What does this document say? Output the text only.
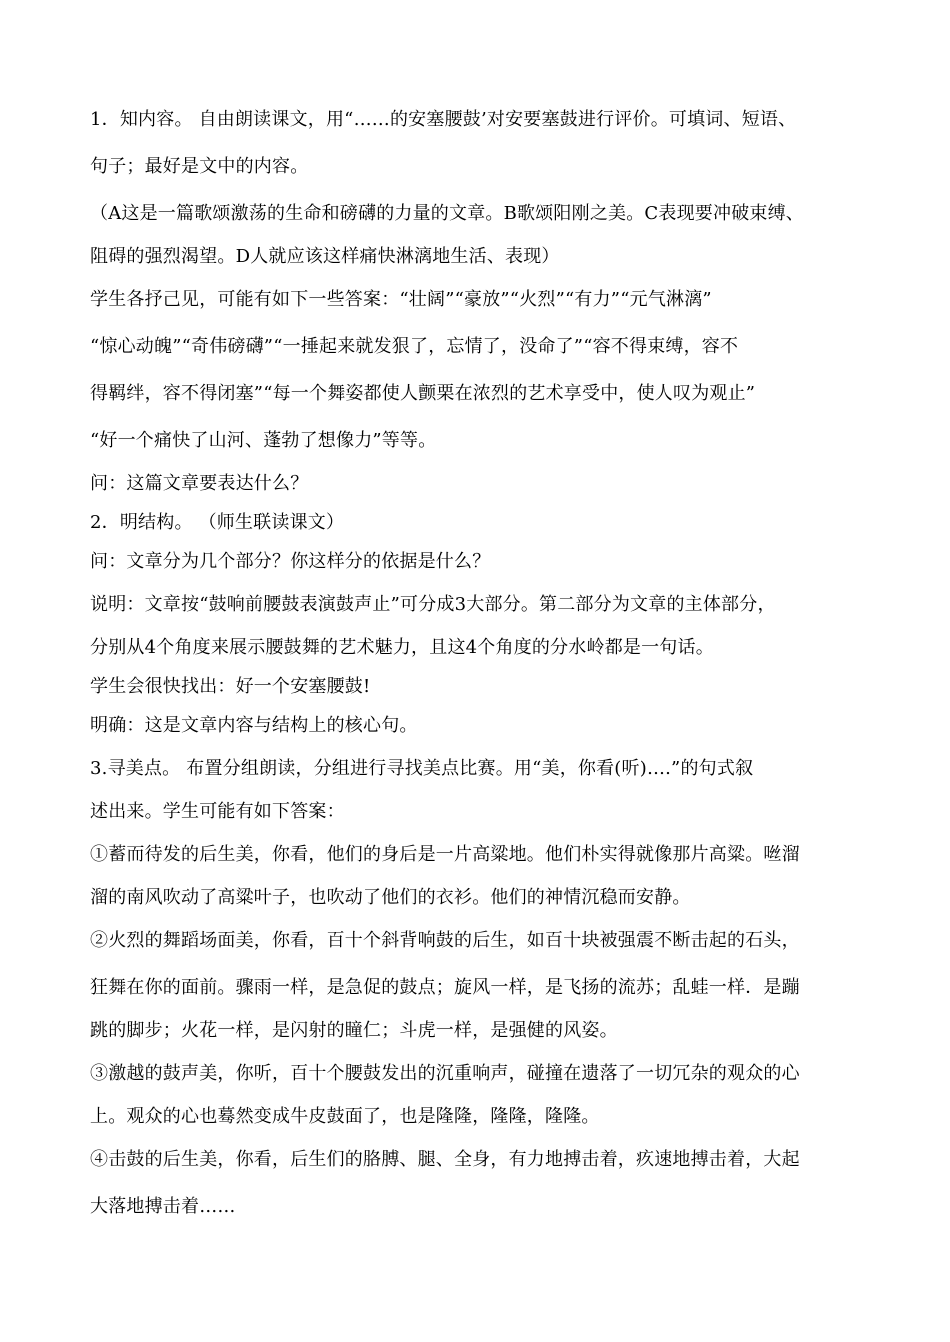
1．知内容。 自由朗读课文，用“……的安塞腰鼓’对安要塞鼓进行评价。可填词、短语、

句子；最好是文中的内容。

（A这是一篇歌颂激荡的生命和磅礴的力量的文章。B歌颂阳刚之美。C表现要冲破束缚、

阻碍的强烈渴望。D人就应该这样痛快淋漓地生活、表现）

学生各抒己见，可能有如下一些答案：“壮阔”“豪放”“火烈”“有力”“元气淋漓”

“惊心动魄”“奇伟磅礴”“一捶起来就发狠了，忘情了，没命了”“容不得束缚，容不

得羁绊，容不得闭塞”“每一个舞姿都使人颤栗在浓烈的艺术享受中，使人叹为观止”

“好一个痛快了山河、蓬勃了想像力”等等。

问：这篇文章要表达什么？

2．明结构。 （师生联读课文）

问：文章分为几个部分？你这样分的依据是什么？

说明：文章按“鼓响前腰鼓表演鼓声止”可分成3大部分。第二部分为文章的主体部分，

分别从4个角度来展示腰鼓舞的艺术魅力，且这4个角度的分水岭都是一句话。

学生会很快找出：好一个安塞腰鼓!

明确：这是文章内容与结构上的核心句。

3.寻美点。 布置分组朗读，分组进行寻找美点比赛。用“美，你看(听)….”的句式叙

述出来。学生可能有如下答案：

①蓄而待发的后生美，你看，他们的身后是一片高粱地。他们朴实得就像那片高粱。咝溜

溜的南风吹动了高粱叶子，也吹动了他们的衣衫。他们的神情沉稳而安静。

②火烈的舞蹈场面美，你看，百十个斜背响鼓的后生，如百十块被强震不断击起的石头，

狂舞在你的面前。骤雨一样，是急促的鼓点；旋风一样，是飞扬的流苏；乱蛙一样．是蹦

跳的脚步；火花一样，是闪射的瞳仁；斗虎一样，是强健的风姿。

③激越的鼓声美，你听，百十个腰鼓发出的沉重响声，碰撞在遗落了一切冗杂的观众的心

上。观众的心也蓦然变成牛皮鼓面了，也是隆隆，隆隆，隆隆。

④击鼓的后生美，你看，后生们的胳膊、腿、全身，有力地搏击着，疚速地搏击着，大起

大落地搏击着……
